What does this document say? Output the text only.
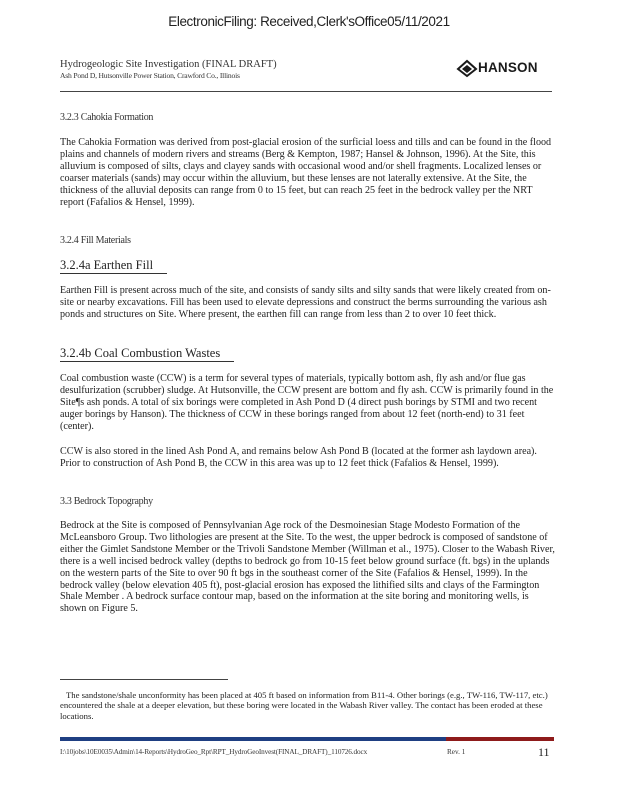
ElectronicFiling: Received,Clerk'sOffice05/11/2021
Hydrogeologic Site Investigation (FINAL DRAFT)
Ash Pond D, Hutsonville Power Station, Crawford Co., Illinois
HANSON
3.2.3 Cahokia Formation
The Cahokia Formation was derived from post-glacial erosion of the surficial loess and tills and can be found in the flood plains and channels of modern rivers and streams (Berg & Kempton, 1987; Hansel & Johnson, 1996). At the Site, this alluvium is composed of silts, clays and clayey sands with occasional wood and/or shell fragments. Localized lenses or coarser materials (sands) may occur within the alluvium, but these lenses are not laterally extensive. At the Site, the thickness of the alluvial deposits can range from 0 to 15 feet, but can reach 25 feet in the bedrock valley per the NRT report (Fafalios & Hensel, 1999).
3.2.4 Fill Materials
3.2.4a Earthen Fill
Earthen Fill is present across much of the site, and consists of sandy silts and silty sands that were likely created from on-site or nearby excavations. Fill has been used to elevate depressions and construct the berms surrounding the various ash ponds and structures on Site. Where present, the earthen fill can range from less than 2 to over 10 feet thick.
3.2.4b Coal Combustion Wastes
Coal combustion waste (CCW) is a term for several types of materials, typically bottom ash, fly ash and/or flue gas desulfurization (scrubber) sludge. At Hutsonville, the CCW present are bottom and fly ash. CCW is primarily found in the Site¶s ash ponds. A total of six borings were completed in Ash Pond D (4 direct push borings by STMI and two recent auger borings by Hanson). The thickness of CCW in these borings ranged from about 12 feet (north-end) to 31 feet (center).
CCW is also stored in the lined Ash Pond A, and remains below Ash Pond B (located at the former ash laydown area). Prior to construction of Ash Pond B, the CCW in this area was up to 12 feet thick (Fafalios & Hensel, 1999).
3.3 Bedrock Topography
Bedrock at the Site is composed of Pennsylvanian Age rock of the Desmoinesian Stage Modesto Formation of the McLeansboro Group. Two lithologies are present at the Site. To the west, the upper bedrock is composed of sandstone of either the Gimlet Sandstone Member or the Trivoli Sandstone Member (Willman et al., 1975). Closer to the Wabash River, there is a well incised bedrock valley (depths to bedrock go from 10-15 feet below ground surface (ft. bgs) in the uplands on the western parts of the Site to over 90 ft bgs in the southeast corner of the Site (Fafalios & Hensel, 1999). In the bedrock valley (below elevation 405 ft), post-glacial erosion has exposed the lithified silts and clays of the Farmington Shale Member . A bedrock surface contour map, based on the information at the site boring and monitoring wells, is shown on Figure 5.
The sandstone/shale unconformity has been placed at 405 ft based on information from B11-4. Other borings (e.g., TW-116, TW-117, etc.) encountered the shale at a deeper elevation, but these boring were located in the Wabash River valley. The contact has been eroded at these locations.
I:\10jobs\10E0035\Admin\14-Reports\HydroGeo_Rpt\RPT_HydroGeoInvest(FINAL_DRAFT)_110726.docx	Rev. 1	11
